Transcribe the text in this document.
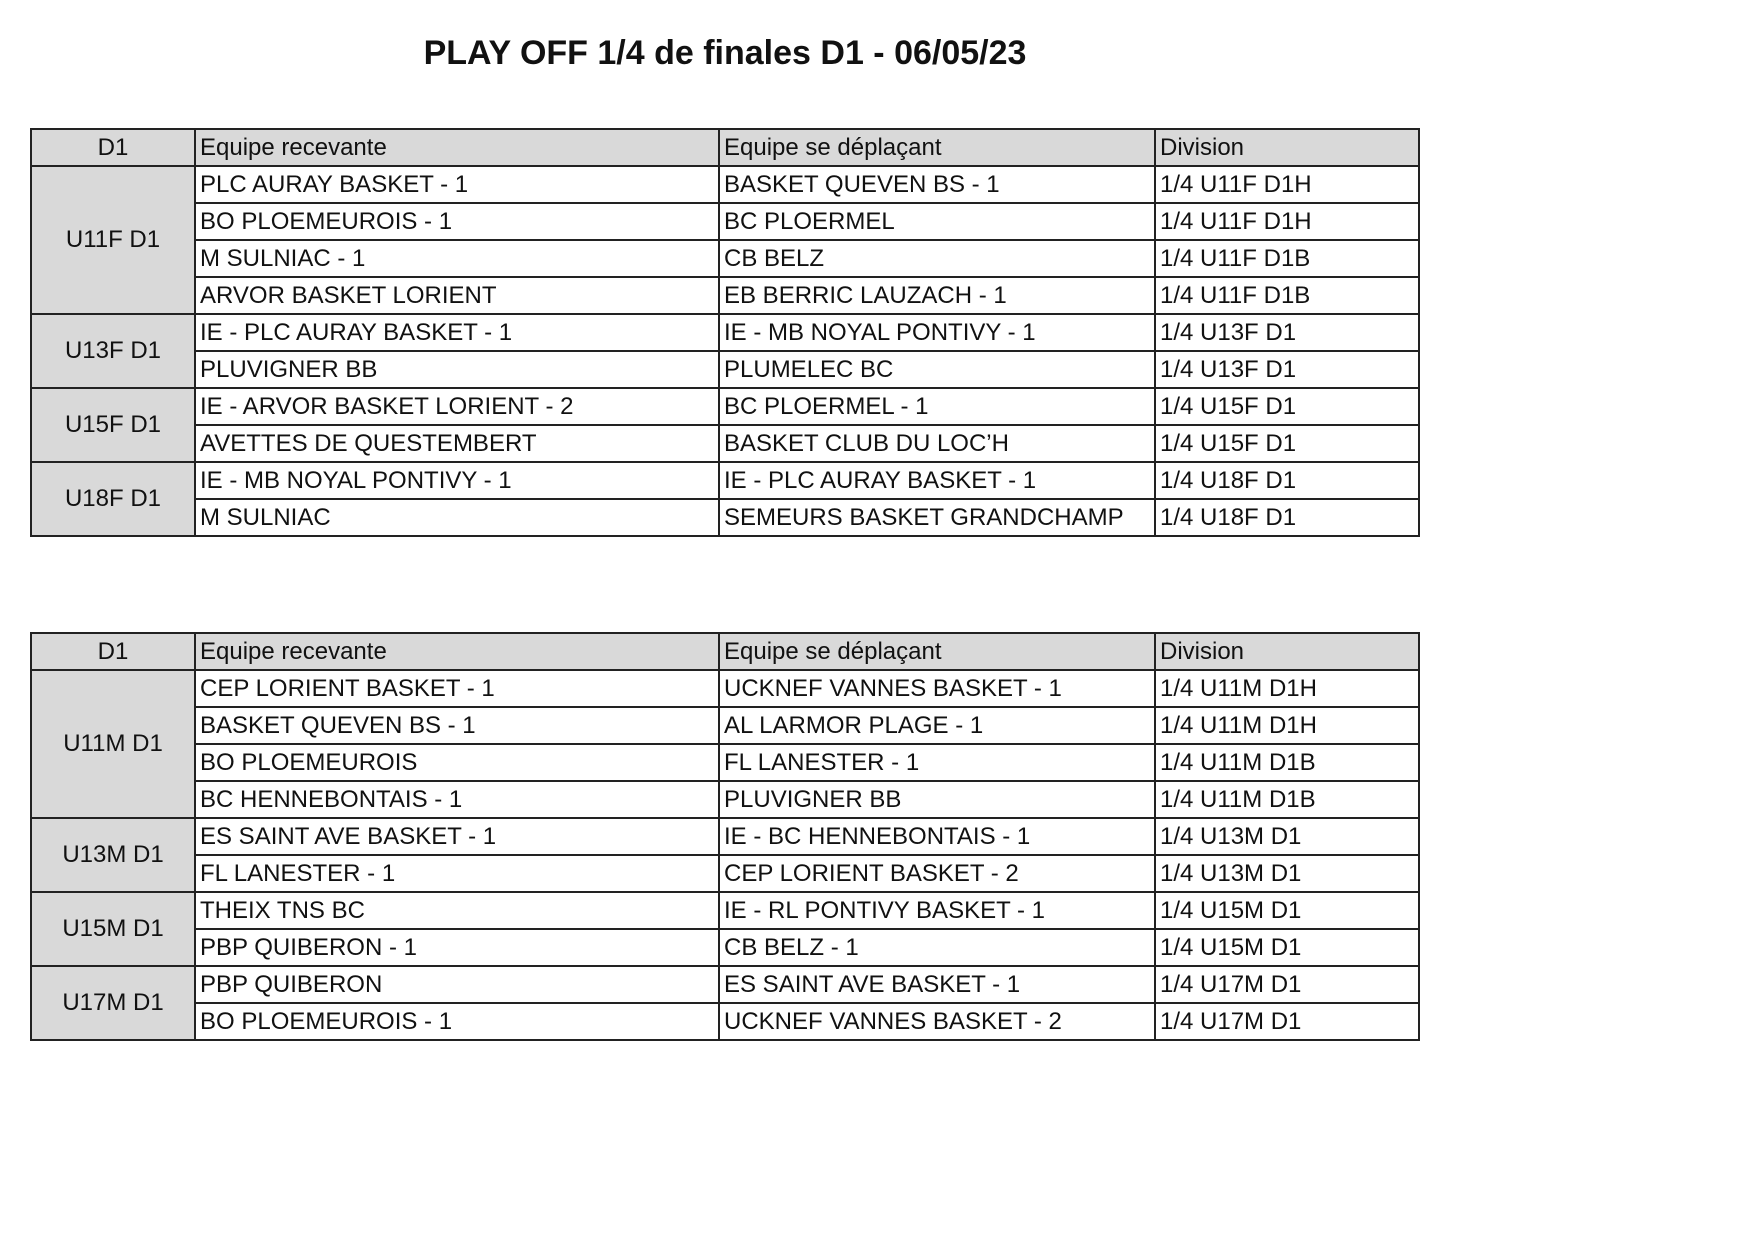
PLAY OFF 1/4 de finales D1 - 06/05/23
D1	Equipe recevante	Equipe se déplaçant	Division
U11F D1	PLC AURAY BASKET - 1	BASKET QUEVEN BS - 1	1/4 U11F D1H
	BO PLOEMEUROIS - 1	BC PLOERMEL	1/4 U11F D1H
	M SULNIAC - 1	CB BELZ	1/4 U11F D1B
	ARVOR BASKET LORIENT	EB BERRIC LAUZACH - 1	1/4 U11F D1B
U13F D1	IE - PLC AURAY BASKET - 1	IE - MB NOYAL PONTIVY - 1	1/4 U13F D1
	PLUVIGNER BB	PLUMELEC BC	1/4 U13F D1
U15F D1	IE - ARVOR BASKET LORIENT - 2	BC PLOERMEL - 1	1/4 U15F D1
	AVETTES DE QUESTEMBERT	BASKET CLUB DU LOC’H	1/4 U15F D1
U18F D1	IE - MB NOYAL PONTIVY - 1	IE - PLC AURAY BASKET - 1	1/4 U18F D1
	M SULNIAC	SEMEURS BASKET GRANDCHAMP	1/4 U18F D1
D1	Equipe recevante	Equipe se déplaçant	Division
U11M D1	CEP LORIENT BASKET - 1	UCKNEF VANNES BASKET - 1	1/4 U11M D1H
	BASKET QUEVEN BS - 1	AL LARMOR PLAGE - 1	1/4 U11M D1H
	BO PLOEMEUROIS	FL LANESTER - 1	1/4 U11M D1B
	BC HENNEBONTAIS - 1	PLUVIGNER BB	1/4 U11M D1B
U13M D1	ES SAINT AVE BASKET - 1	IE - BC HENNEBONTAIS - 1	1/4 U13M D1
	FL LANESTER - 1	CEP LORIENT BASKET - 2	1/4 U13M D1
U15M D1	THEIX TNS BC	IE - RL PONTIVY BASKET - 1	1/4 U15M D1
	PBP QUIBERON - 1	CB BELZ - 1	1/4 U15M D1
U17M D1	PBP QUIBERON	ES SAINT AVE BASKET - 1	1/4 U17M D1
	BO PLOEMEUROIS - 1	UCKNEF VANNES BASKET - 2	1/4 U17M D1
